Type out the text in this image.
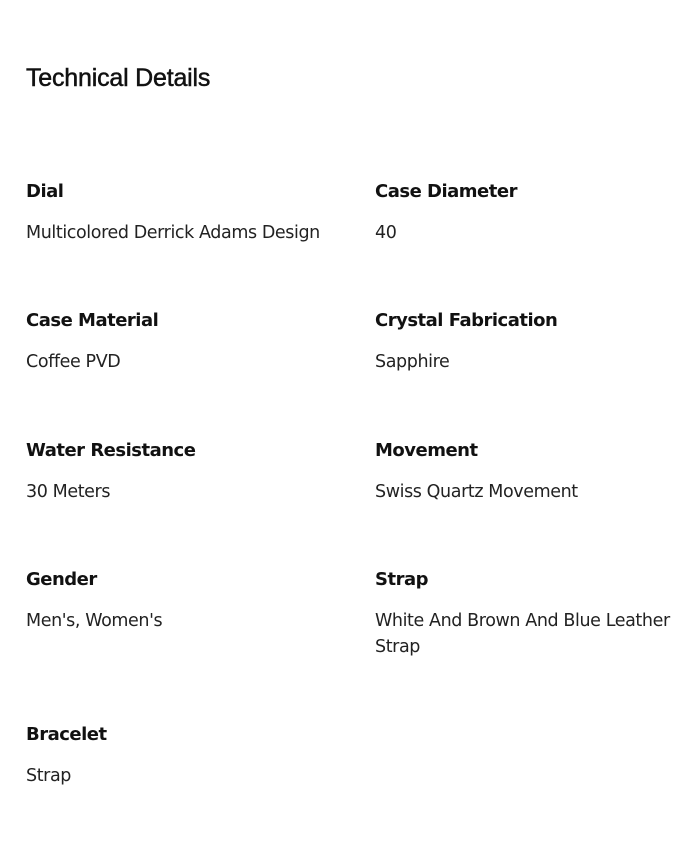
Technical Details
Dial
Multicolored Derrick Adams Design
Case Diameter
40
Case Material
Coffee PVD
Crystal Fabrication
Sapphire
Water Resistance
30 Meters
Movement
Swiss Quartz Movement
Gender
Men's, Women's
Strap
White And Brown And Blue Leather Strap
Bracelet
Strap
